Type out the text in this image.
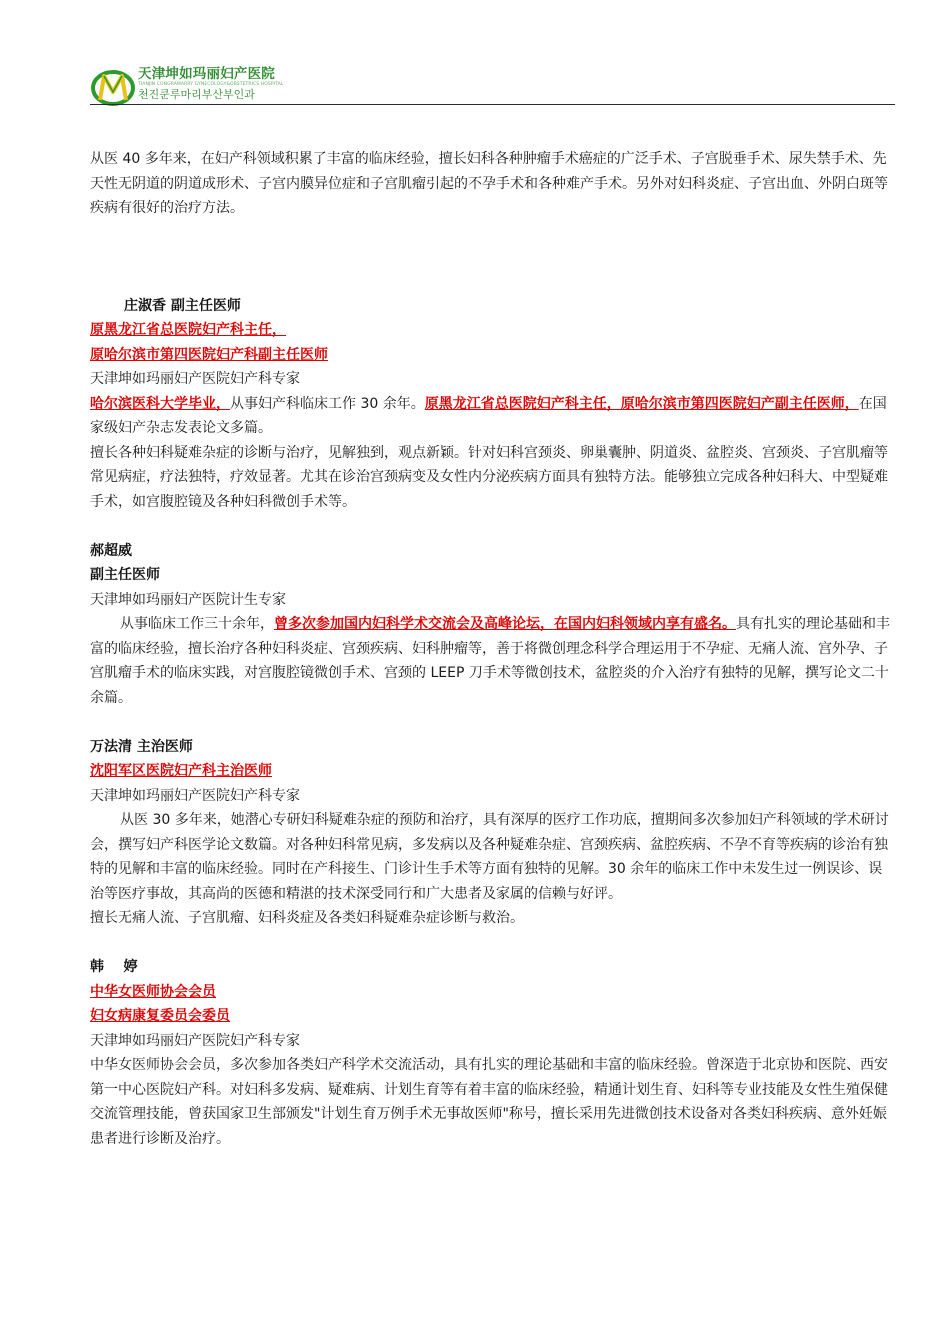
天津坤如玛丽妇产医院
TIANJIN CONGRAMARRY GYNECOLOGY&OBSTETRICS HOSPITAL
천진쿤루마리부산부인과

从医 40 多年来，在妇产科领域积累了丰富的临床经验，擅长妇科各种肿瘤手术癌症的广泛手术、子宫脱垂手术、尿失禁手术、先天性无阴道的阴道成形术、子宫内膜异位症和子宫肌瘤引起的不孕手术和各种难产手术。另外对妇科炎症、子宫出血、外阴白斑等疾病有很好的治疗方法。

庄淑香 副主任医师

原黑龙江省总医院妇产科主任，

原哈尔滨市第四医院妇产科副主任医师

天津坤如玛丽妇产医院妇产科专家

哈尔滨医科大学毕业，从事妇产科临床工作 30 余年。原黑龙江省总医院妇产科主任，原哈尔滨市第四医院妇产副主任医师，在国家级妇产杂志发表论文多篇。

擅长各种妇科疑难杂症的诊断与治疗，见解独到，观点新颖。针对妇科宫颈炎、卵巢囊肿、阴道炎、盆腔炎、宫颈炎、子宫肌瘤等常见病症，疗法独特，疗效显著。尤其在诊治宫颈病变及女性内分泌疾病方面具有独特方法。能够独立完成各种妇科大、中型疑难手术，如宫腹腔镜及各种妇科微创手术等。

郝超威

副主任医师

天津坤如玛丽妇产医院计生专家

从事临床工作三十余年，曾多次参加国内妇科学术交流会及高峰论坛，在国内妇科领域内享有盛名。具有扎实的理论基础和丰富的临床经验，擅长治疗各种妇科炎症、宫颈疾病、妇科肿瘤等，善于将微创理念科学合理运用于不孕症、无痛人流、宫外孕、子宫肌瘤手术的临床实践，对宫腹腔镜微创手术、宫颈的 LEEP 刀手术等微创技术，盆腔炎的介入治疗有独特的见解，撰写论文二十余篇。

万法清 主治医师

沈阳军区医院妇产科主治医师

天津坤如玛丽妇产医院妇产科专家

从医 30 多年来，她潜心专研妇科疑难杂症的预防和治疗，具有深厚的医疗工作功底，擅期间多次参加妇产科领域的学术研讨会，撰写妇产科医学论文数篇。对各种妇科常见病，多发病以及各种疑难杂症、宫颈疾病、盆腔疾病、不孕不育等疾病的诊治有独特的见解和丰富的临床经验。同时在产科接生、门诊计生手术等方面有独特的见解。30 余年的临床工作中未发生过一例误诊、误治等医疗事故，其高尚的医德和精湛的技术深受同行和广大患者及家属的信赖与好评。

擅长无痛人流、子宫肌瘤、妇科炎症及各类妇科疑难杂症诊断与救治。

韩    婷

中华女医师协会会员

妇女病康复委员会委员

天津坤如玛丽妇产医院妇产科专家

中华女医师协会会员，多次参加各类妇产科学术交流活动，具有扎实的理论基础和丰富的临床经验。曾深造于北京协和医院、西安第一中心医院妇产科。对妇科多发病、疑难病、计划生育等有着丰富的临床经验，精通计划生育、妇科等专业技能及女性生殖保健交流管理技能，曾获国家卫生部颁发"计划生育万例手术无事故医师"称号，擅长采用先进微创技术设备对各类妇科疾病、意外妊娠患者进行诊断及治疗。
